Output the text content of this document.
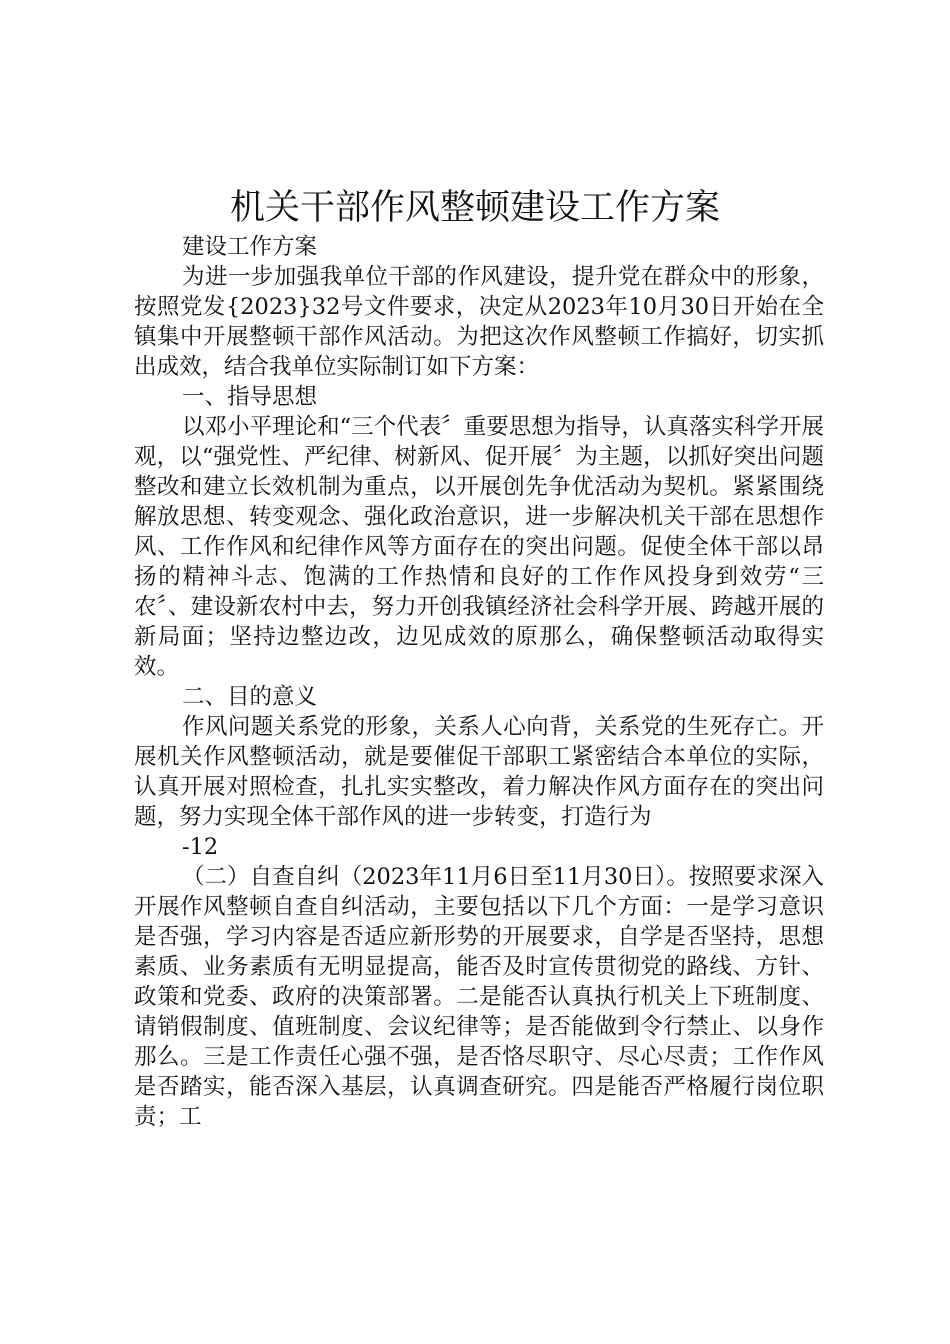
机关干部作风整顿建设工作方案

建设工作方案

为进一步加强我单位干部的作风建设，提升党在群众中的形象，按照党发{2023}32号文件要求，决定从2023年10月30日开始在全镇集中开展整顿干部作风活动。为把这次作风整顿工作搞好，切实抓出成效，结合我单位实际制订如下方案：

一、指导思想

以邓小平理论和“三个代表〞重要思想为指导，认真落实科学开展观，以“强党性、严纪律、树新风、促开展〞为主题，以抓好突出问题整改和建立长效机制为重点，以开展创先争优活动为契机。紧紧围绕解放思想、转变观念、强化政治意识，进一步解决机关干部在思想作风、工作作风和纪律作风等方面存在的突出问题。促使全体干部以昂扬的精神斗志、饱满的工作热情和良好的工作作风投身到效劳“三农〞、建设新农村中去，努力开创我镇经济社会科学开展、跨越开展的新局面；坚持边整边改，边见成效的原那么，确保整顿活动取得实效。

二、目的意义

作风问题关系党的形象，关系人心向背，关系党的生死存亡。开展机关作风整顿活动，就是要催促干部职工紧密结合本单位的实际，认真开展对照检查，扎扎实实整改，着力解决作风方面存在的突出问题，努力实现全体干部作风的进一步转变，打造行为

-12

（二）自查自纠（2023年11月6日至11月30日）。按照要求深入开展作风整顿自查自纠活动，主要包括以下几个方面：一是学习意识是否强，学习内容是否适应新形势的开展要求，自学是否坚持，思想素质、业务素质有无明显提高，能否及时宣传贯彻党的路线、方针、政策和党委、政府的决策部署。二是能否认真执行机关上下班制度、请销假制度、值班制度、会议纪律等；是否能做到令行禁止、以身作那么。三是工作责任心强不强，是否恪尽职守、尽心尽责；工作作风是否踏实，能否深入基层，认真调查研究。四是能否严格履行岗位职责；工
